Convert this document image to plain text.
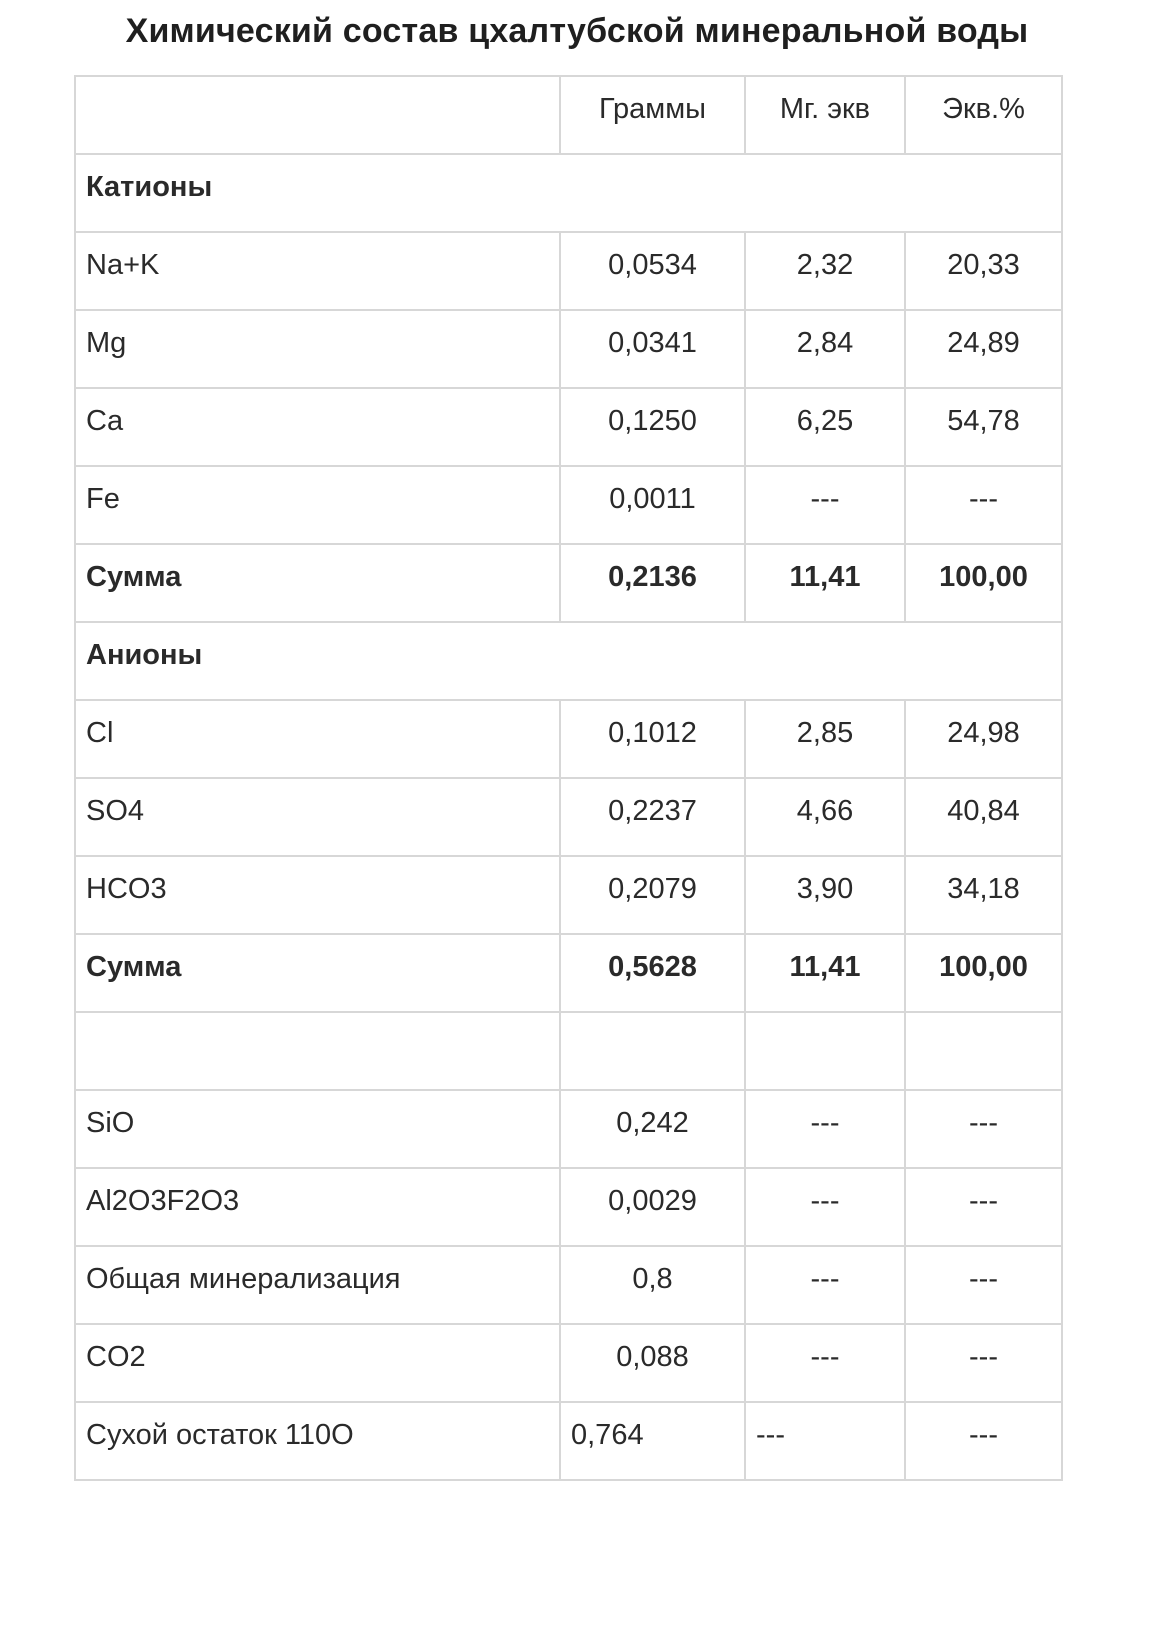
Химический состав цхалтубской минеральной воды
	Граммы	Мг. экв	Экв.%
Катионы			
Na+K	0,0534	2,32	20,33
Mg	0,0341	2,84	24,89
Ca	0,1250	6,25	54,78
Fe	0,0011	---	---
Сумма	0,2136	11,41	100,00
Анионы			
Cl	0,1012	2,85	24,98
SO4	0,2237	4,66	40,84
HCO3	0,2079	3,90	34,18
Сумма	0,5628	11,41	100,00

SiO	0,242	---	---
Al2O3F2O3	0,0029	---	---
Общая минерализация	0,8	---	---
CO2	0,088	---	---
Сухой остаток 110O	0,764	---	---
